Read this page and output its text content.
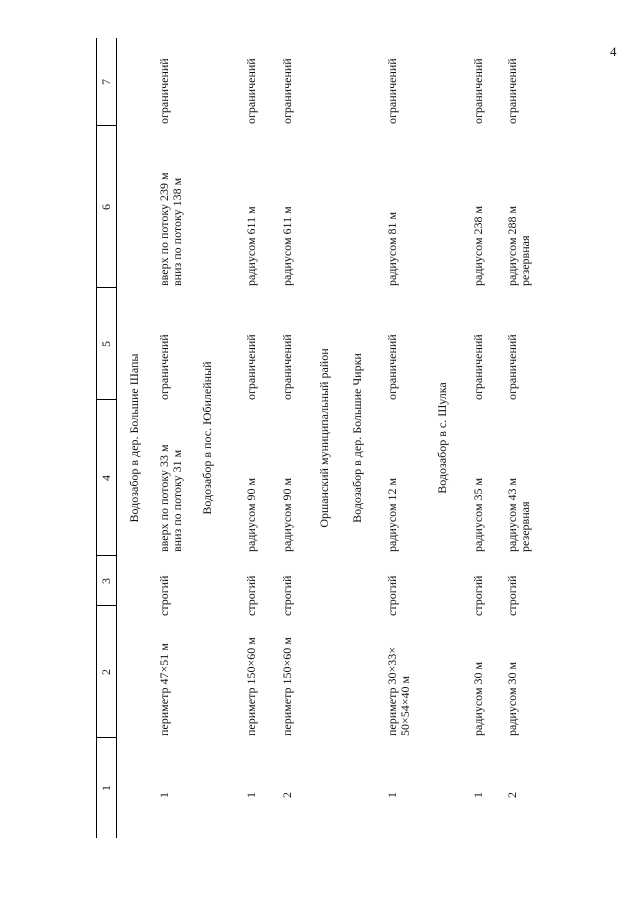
4
1
2
3
4
5
6
7
Водозабор в дер. Большие Шапы
1
периметр 47×51 м
строгий
вверх по потоку 33 м вниз по потоку 31 м
ограничений
вверх по потоку 239 м вниз по потоку 138 м
ограничений
Водозабор в пос. Юбилейный
1
периметр 150×60 м
строгий
радиусом 90 м
ограничений
радиусом 611 м
ограничений
2
периметр 150×60 м
строгий
радиусом 90 м
ограничений
радиусом 611 м
ограничений
Оршанский муниципальный район Водозабор в дер. Большие Чирки
1
периметр 30×33× 50×54×40 м
строгий
радиусом 12 м
ограничений
радиусом 81 м
ограничений
Водозабор в с. Шулка
1
радиусом 30 м
строгий
радиусом 35 м
ограничений
радиусом 238 м
ограничений
2
радиусом 30 м
строгий
радиусом 43 м резервная
ограничений
радиусом 288 м резервная
ограничений
